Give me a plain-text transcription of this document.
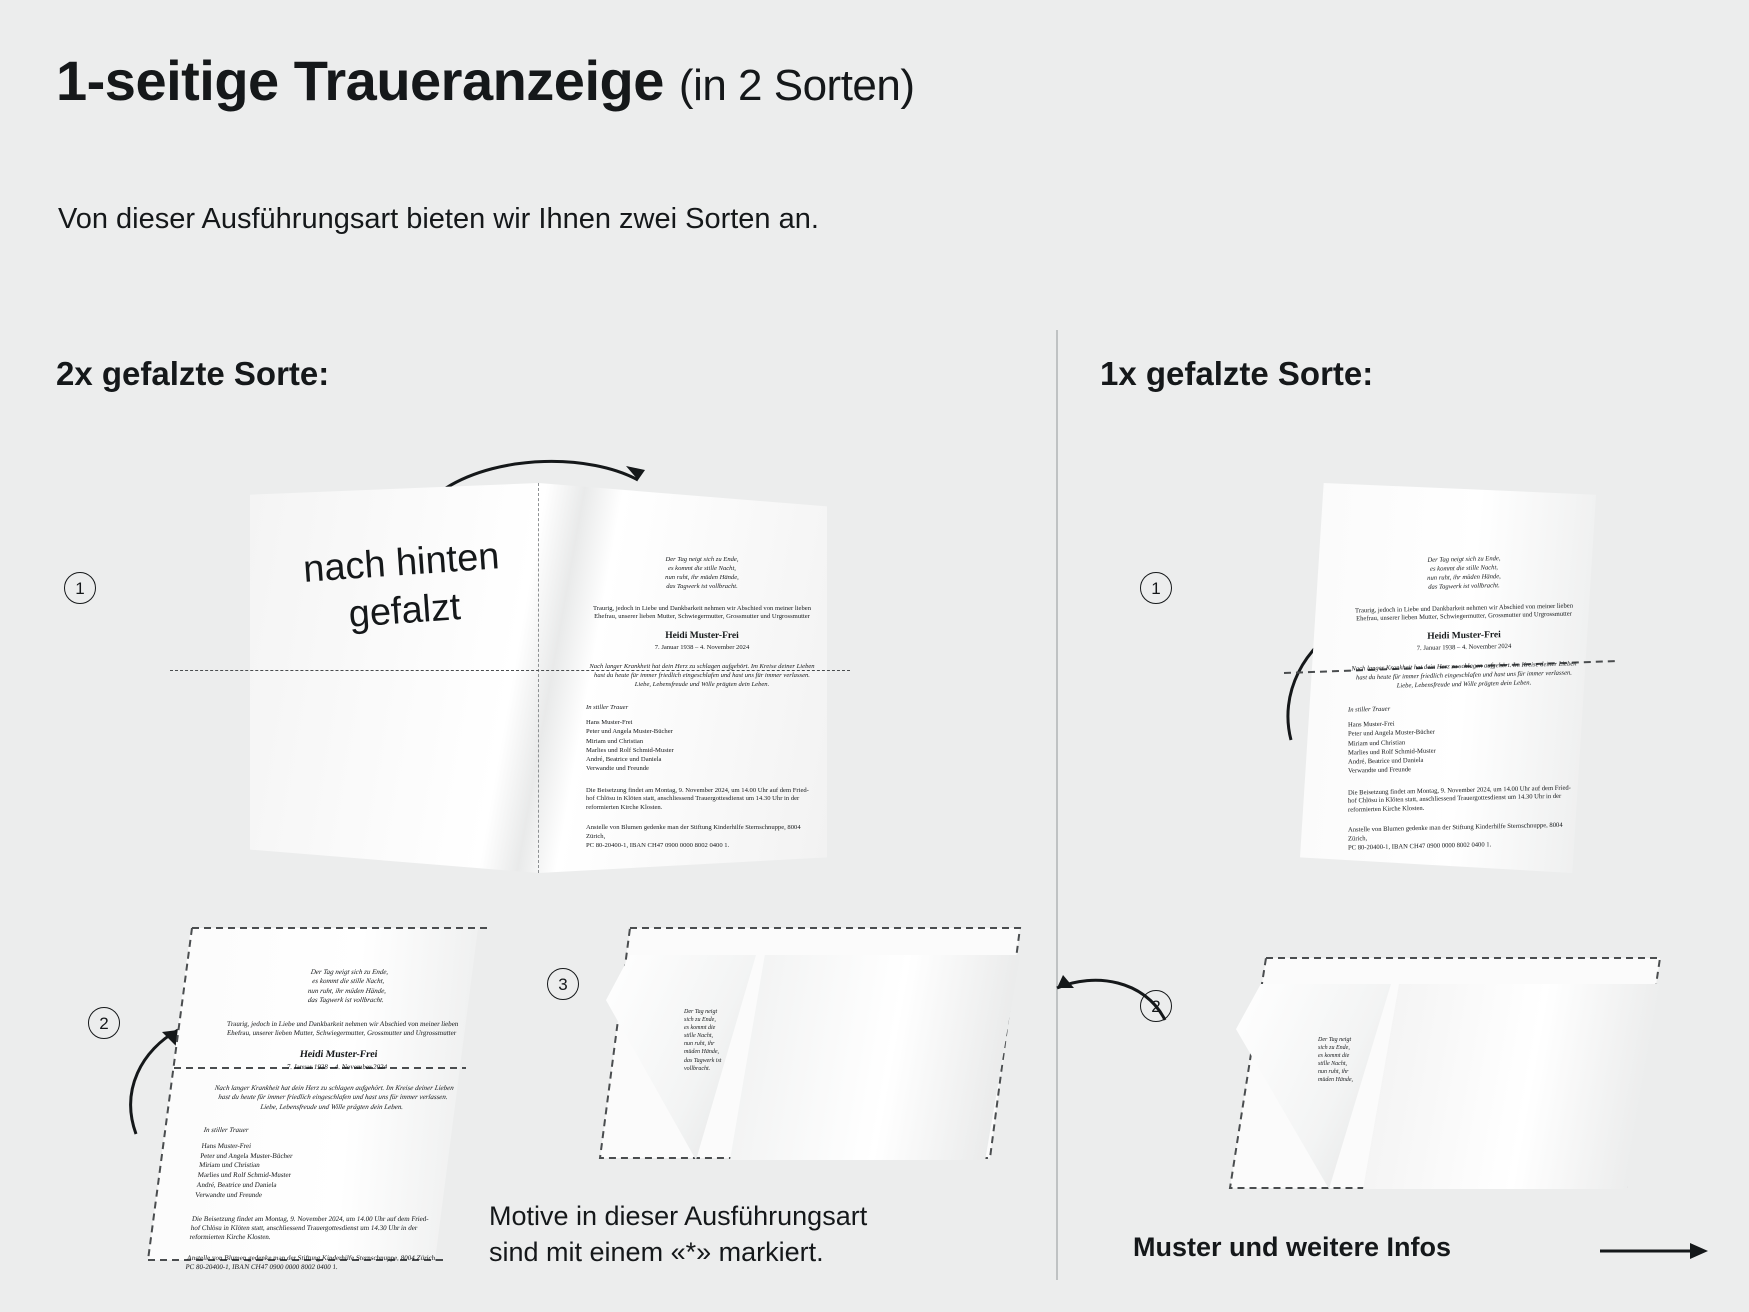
1-seitige Traueranzeige (in 2 Sorten)
Von dieser Ausführungsart bieten wir Ihnen zwei Sorten an.
2x gefalzte Sorte:	1x gefalzte Sorte:
1	nach hinten
gefalzt
Der Tag neigt sich zu Ende,
es kommt die stille Nacht,
nun ruht, ihr müden Hände,
das Tagwerk ist vollbracht.
Traurig, jedoch in Liebe und Dankbarkeit nehmen wir Abschied von meiner lieben
Ehefrau, unserer lieben Mutter, Schwiegermutter, Grossmutter und Urgrossmutter
Heidi Muster-Frei
7. Januar 1938 – 4. November 2024
Nach langer Krankheit hat dein Herz zu schlagen aufgehört. Im Kreise deiner Lieben
hast du heute für immer friedlich eingeschlafen und hast uns für immer verlassen.
Liebe, Lebensfreude und Wille prägten dein Leben.
In stiller Trauer
Hans Muster-Frei
Peter und Angela Muster-Bücher
Miriam und Christian
Marlies und Rolf Schmid-Muster
André, Beatrice und Daniela
Verwandte und Freunde
Die Beisetzung findet am Montag, 9. November 2024, um 14.00 Uhr auf dem Fried-
hof Chlösu in Klöten statt, anschliessend Trauergottesdienst um 14.30 Uhr in der
reformierten Kirche Klosten.
Anstelle von Blumen gedenke man der Stiftung Kinderhilfe Sternschnuppe, 8004 Zürich,
PC 80-20400-1, IBAN CH47 0900 0000 8002 0400 1.
2
Der Tag neigt sich zu Ende,
es kommt die stille Nacht,
nun ruht, ihr müden Hände,
das Tagwerk ist vollbracht.
Traurig, jedoch in Liebe und Dankbarkeit nehmen wir Abschied von meiner lieben
Ehefrau, unserer lieben Mutter, Schwiegermutter, Grossmutter und Urgrossmutter
Heidi Muster-Frei
7. Januar 1938 – 4. November 2024
Nach langer Krankheit hat dein Herz zu schlagen aufgehört. Im Kreise deiner Lieben
hast du heute für immer friedlich eingeschlafen und hast uns für immer verlassen.
Liebe, Lebensfreude und Wille prägten dein Leben.
In stiller Trauer
Hans Muster-Frei
Peter und Angela Muster-Bücher
Miriam und Christian
Marlies und Rolf Schmid-Muster
André, Beatrice und Daniela
Verwandte und Freunde
Die Beisetzung findet am Montag, 9. November 2024, um 14.00 Uhr auf dem Fried-
hof Chlösu in Klöten statt, anschliessend Trauergottesdienst um 14.30 Uhr in der
reformierten Kirche Klosten.
Anstelle von Blumen gedenke man der Stiftung Kinderhilfe Sternschnuppe, 8004 Zürich,
PC 80-20400-1, IBAN CH47 0900 0000 8002 0400 1.
3
Der Tag neigt sich zu Ende,
es kommt die stille Nacht,
nun ruht, ihr müden Hände,
das Tagwerk ist vollbracht.
Motive in dieser Ausführungsart
sind mit einem «*» markiert.
1
Der Tag neigt sich zu Ende,
es kommt die stille Nacht,
nun ruht, ihr müden Hände,
das Tagwerk ist vollbracht.
Traurig, jedoch in Liebe und Dankbarkeit nehmen wir Abschied von meiner lieben
Ehefrau, unserer lieben Mutter, Schwiegermutter, Grossmutter und Urgrossmutter
Heidi Muster-Frei
7. Januar 1938 – 4. November 2024
Nach langer Krankheit hat dein Herz zu schlagen aufgehört. Im Kreise deiner Lieben
hast du heute für immer friedlich eingeschlafen und hast uns für immer verlassen.
Liebe, Lebensfreude und Wille prägten dein Leben.
In stiller Trauer
Hans Muster-Frei
Peter und Angela Muster-Bücher
Miriam und Christian
Marlies und Rolf Schmid-Muster
André, Beatrice und Daniela
Verwandte und Freunde
Die Beisetzung findet am Montag, 9. November 2024, um 14.00 Uhr auf dem Fried-
hof Chlösu in Klöten statt, anschliessend Trauergottesdienst um 14.30 Uhr in der
reformierten Kirche Klosten.
Anstelle von Blumen gedenke man der Stiftung Kinderhilfe Sternschnuppe, 8004 Zürich,
PC 80-20400-1, IBAN CH47 0900 0000 8002 0400 1.
2
Der Tag neigt sich zu Ende,
es kommt die stille Nacht,
nun ruht, ihr müden Hände,
Muster und weitere Infos
